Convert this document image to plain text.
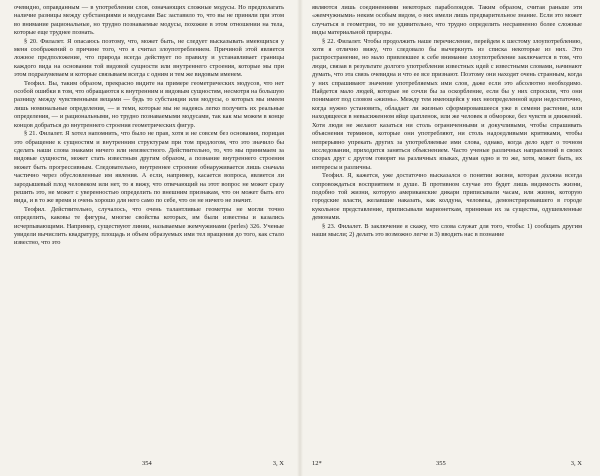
очевидно, оправданным — в употреблении слов, означающих сложные модусы. Но предполагать наличие разницы между субстанциями и модусами Вас заставило то, что вы не приняли при этом во внимание рациональные, но трудно познаваемые модусы, похожие в этом отношении на тела, которые еще труднее познать.

§ 20. Филалет. Я опасаюсь поэтому, что, может быть, не следует высказывать имеющихся у меня соображений о причине того, что я считал злоупотреблением. Причиной этой является ложное предположение, что природа всегда действует по правилу и устанавливает границы каждого вида на основании той видовой сущности или внутреннего строения, которые мы при этом подразумеваем и которые связываем всегда с одним и тем же видовым именем.

Теофил. Вы, таким образом, прекрасно видите на примере геометрических модусов, что нет особой ошибки в том, что обращаются к внутренним и видовым сущностям, несмотря на большую разницу между чувственными вещами — будь то субстанции или модусы, о которых мы имеем лишь номинальные определения, — и теми, которые мы не надеясь легко получить их реальные определения, — и рациональными, но трудно познаваемыми модусами, так как мы можем в конце концов добраться до внутреннего строения геометрических фигур.

§ 21. Филалет. Я хотел напомнить, что было не прав, хотя и не совсем без основания, порицая это обращение к сущностям и внутренним структурам при том предлогом, что это значило бы сделать наши слова знаками ничего или неизвестного. Действительно, то, что мы принимаем за видовые сущности, может стать известным другим образом, а познание внутреннего строения может быть прогрессивным. Следовательно, внутреннее строение обнаруживается лишь сначала частично через обусловленные им явления. А если, например, касается вопроса, является ли зародышевый плод человеком или нет, то я вижу, что отвечающий на этот вопрос не может сразу решить это, не может с уверенностью определить по внешним признакам, что он может быть его вида, и в то же время и очень хорошо для него само по себе, что он не ничего не значит.

Теофил. Действительно, случалось, что очень талантливые геометры не могли точно определить, каковы те фигуры, многие свойства которых, им были известны и казались исчерпывающими. Например, существуют линии, называемые жемчужинами (perles) 326. Ученые увидели вычислить квадратуру, площадь и объем образуемых ими тел вращения до того, как стало известно, что это

354	3, X

являются лишь соединениями некоторых параболоидов. Таким образом, считая раньше эти «жемчужными» неким особым видом, о них имели лишь предварительное знание. Если это может случаться в геометрии, то не удивительно, что трудно определить несравненно более сложные виды материальной природы.

§ 22. Филалет. Чтобы продолжить наше перечисление, перейдем к шестому злоупотреблению, хотя я отлично вижу, что следовало бы вычеркнуть из списка некоторые из них. Это распространение, но мало привлекшее к себе внимание злоупотребление заключается в том, что люди, связав в результате долгого употребления известных идей с известными словами, начинают думать, что эта связь очевидна и что ее все признают. Поэтому они находят очень странным, когда у них спрашивают значение употребляемых ими слов, даже если это абсолютно необходимо. Найдется мало людей, которые не сочли бы за оскорбление, если бы у них спросили, что они понимают под словом «жизнь». Между тем имеющейся у них неопределенной идеи недостаточно, когда нужно установить, обладает ли жизнью сформировавшееся уже в семени растение, или находящееся в невысиженном яйце цыпленок, или же человек в обмороке, без чувств и движений. Хотя люди не желают казаться ни столь ограниченными и докучливыми, чтобы спрашивать объяснения терминов, которые они употребляют, ни столь надоедливыми критиками, чтобы непрерывно упрекать других за употребляемые ими слова, однако, когда дело идет о точном исследовании, приходится заняться объяснением. Часто ученые различных направлений в своих спорах друг с другом говорят на различных языках, думая одно и то же, хотя, может быть, их интересы и различны.

Теофил. Я, кажется, уже достаточно высказался о понятии жизни, которая должна всегда сопровождаться восприятием в душе. В противном случае это будет лишь видимость жизни, подобно той жизни, которую американские дикари приписывали часам, или жизни, которую городские власти, желавшие наказать, как колдуна, человека, демонстрировавшего в городе кукольное представление, приписывали марионеткам, принимая их за существа, одушевленные демонами.

§ 23. Филалет. В заключение я скажу, что слова служат для того, чтобы: 1) сообщать другим наши мысли; 2) делать это возможно легче и 3) вводить нас в познание

12*	355	3, X
